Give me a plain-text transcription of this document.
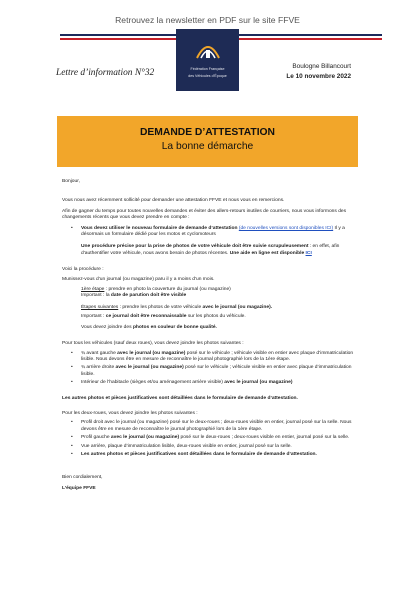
Retrouvez la newsletter en PDF sur le site FFVE
Fédération Française
des Véhicules d’Époque
Lettre d’information N°32
Boulogne Billancourt
Le 10 novembre 2022
DEMANDE D’ATTESTATION
La bonne démarche

Bonjour,

Vous nous avez récemment sollicité pour demander une attestation FFVE et nous vous en remercions.

Afin de gagner du temps pour toutes nouvelles demandes et éviter des allers-retours inutiles de courriers, nous vous informons des changements récents que vous devez prendre en compte :

• Vous devez utiliser le nouveau formulaire de demande d’attestation (de nouvelles versions sont disponibles ICI) Il y a désormais un formulaire dédié pour les motos et cyclomoteurs

Une procédure précise pour la prise de photos de votre véhicule doit être suivie scrupuleusement : en effet, afin d’authentifier votre véhicule, nous avons besoin de photos récentes. Une aide en ligne est disponible ICI

Voici la procédure :

Munissez-vous d’un journal (ou magazine) paru il y a moins d’un mois.

1ère étape : prendre en photo la couverture du journal (ou magazine)

Important : la date de parution doit être visible

Étapes suivantes : prendre les photos de votre véhicule avec le journal (ou magazine).

Important : ce journal doit être reconnaissable sur les photos du véhicule.

Vous devez joindre des photos en couleur de bonne qualité.

Pour tous les véhicules (sauf deux roues), vous devez joindre les photos suivantes :

• ¾ avant gauche avec le journal (ou magazine) posé sur le véhicule ; véhicule visible en entier avec plaque d’immatriculation lisible. Nous devons être en mesure de reconnaître le journal photographié lors de la 1ère étape.
• ¾ arrière droite avec le journal (ou magazine) posé sur le véhicule ; véhicule visible en entier avec plaque d’immatriculation lisible.
• Intérieur de l’habitacle (sièges et/ou aménagement arrière visible) avec le journal (ou magazine)

Les autres photos et pièces justificatives sont détaillées dans le formulaire de demande d’attestation.

Pour les deux-roues, vous devez joindre les photos suivantes :

• Profil droit avec le journal (ou magazine) posé sur le deux-roues ; deux-roues visible en entier, journal posé sur la selle. Nous devons être en mesure de reconnaître le journal photographié lors de la 1ère étape.
• Profil gauche avec le journal (ou magazine) posé sur le deux-roues ; deux-roues visible en entier, journal posé sur la selle.
• Vue arrière, plaque d’immatriculation lisible, deux-roues visible en entier, journal posé sur la selle.
• Les autres photos et pièces justificatives sont détaillées dans le formulaire de demande d’attestation.

Bien cordialement,

L’équipe FFVE
